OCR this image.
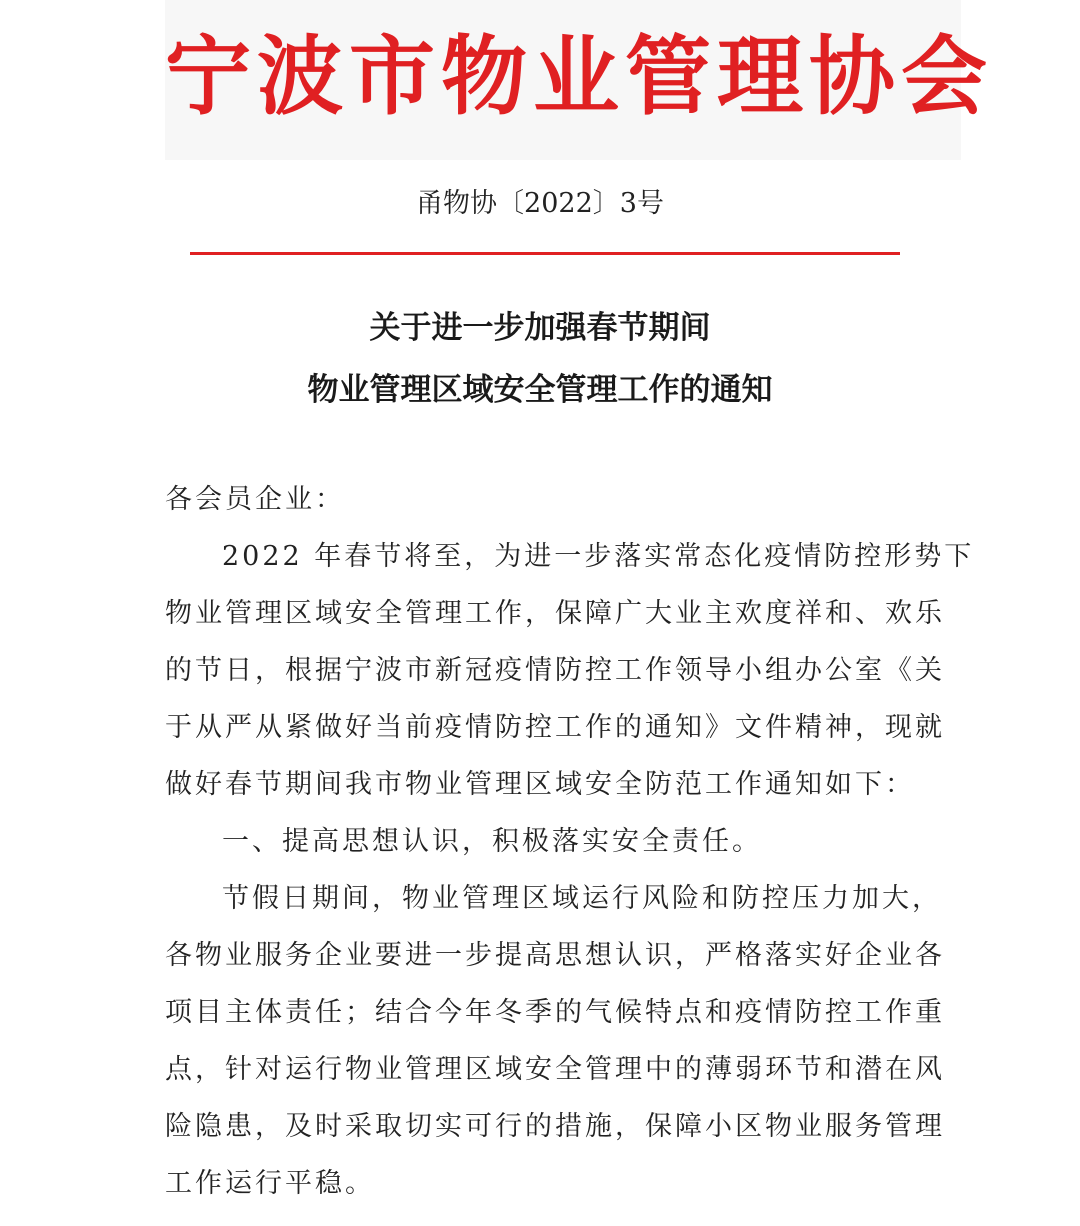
宁波市物业管理协会
甬物协〔2022〕3号
关于进一步加强春节期间
物业管理区域安全管理工作的通知
各会员企业：
2022 年春节将至，为进一步落实常态化疫情防控形势下
物业管理区域安全管理工作，保障广大业主欢度祥和、欢乐
的节日，根据宁波市新冠疫情防控工作领导小组办公室《关
于从严从紧做好当前疫情防控工作的通知》文件精神，现就
做好春节期间我市物业管理区域安全防范工作通知如下：
一、提高思想认识，积极落实安全责任。
节假日期间，物业管理区域运行风险和防控压力加大，
各物业服务企业要进一步提高思想认识，严格落实好企业各
项目主体责任；结合今年冬季的气候特点和疫情防控工作重
点，针对运行物业管理区域安全管理中的薄弱环节和潜在风
险隐患，及时采取切实可行的措施，保障小区物业服务管理
工作运行平稳。
